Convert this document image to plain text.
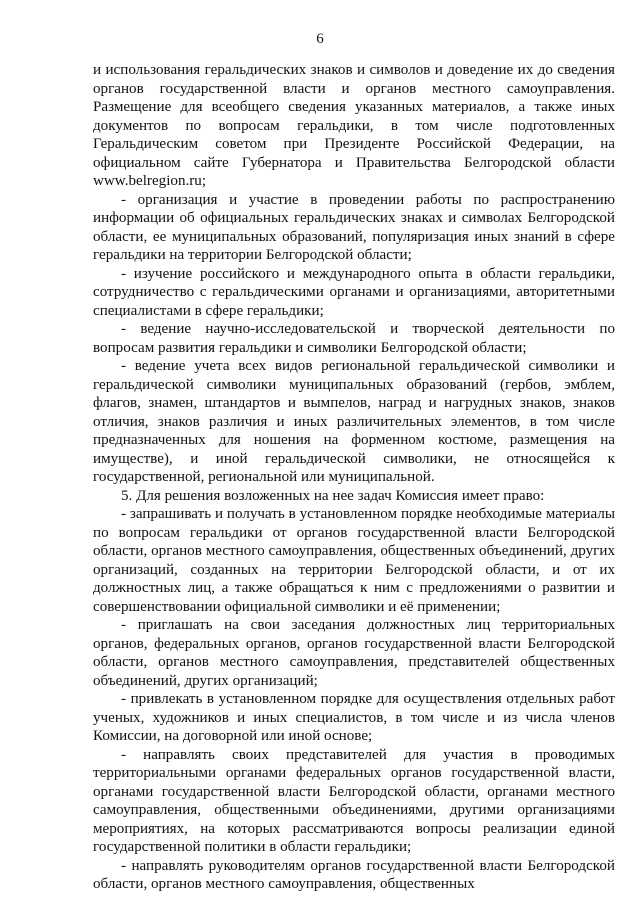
6

и использования геральдических знаков и символов и доведение их до сведения органов государственной власти и органов местного самоуправления. Размещение для всеобщего сведения указанных материалов, а также иных документов по вопросам геральдики, в том числе подготовленных Геральдическим советом при Президенте Российской Федерации, на официальном сайте Губернатора и Правительства Белгородской области www.belregion.ru;

- организация и участие в проведении работы по распространению информации об официальных геральдических знаках и символах Белгородской области, ее муниципальных образований, популяризация иных знаний в сфере геральдики на территории Белгородской области;

- изучение российского и международного опыта в области геральдики, сотрудничество с геральдическими органами и организациями, авторитетными специалистами в сфере геральдики;

- ведение научно-исследовательской и творческой деятельности по вопросам развития геральдики и символики Белгородской области;

- ведение учета всех видов региональной геральдической символики и геральдической символики муниципальных образований (гербов, эмблем, флагов, знамен, штандартов и вымпелов, наград и нагрудных знаков, знаков отличия, знаков различия и иных различительных элементов, в том числе предназначенных для ношения на форменном костюме, размещения на имуществе), и иной геральдической символики, не относящейся к государственной, региональной или муниципальной.

5. Для решения возложенных на нее задач Комиссия имеет право:

- запрашивать и получать в установленном порядке необходимые материалы по вопросам геральдики от органов государственной власти Белгородской области, органов местного самоуправления, общественных объединений, других организаций, созданных на территории Белгородской области, и от их должностных лиц, а также обращаться к ним с предложениями о развитии и совершенствовании официальной символики и её применении;

- приглашать на свои заседания должностных лиц территориальных органов, федеральных органов, органов государственной власти Белгородской области, органов местного самоуправления, представителей общественных объединений, других организаций;

- привлекать в установленном порядке для осуществления отдельных работ ученых, художников и иных специалистов, в том числе и из числа членов Комиссии, на договорной или иной основе;

- направлять своих представителей для участия в проводимых территориальными органами федеральных органов государственной власти, органами государственной власти Белгородской области, органами местного самоуправления, общественными объединениями, другими организациями мероприятиях, на которых рассматриваются вопросы реализации единой государственной политики в области геральдики;

- направлять руководителям органов государственной власти Белгородской области, органов местного самоуправления, общественных
